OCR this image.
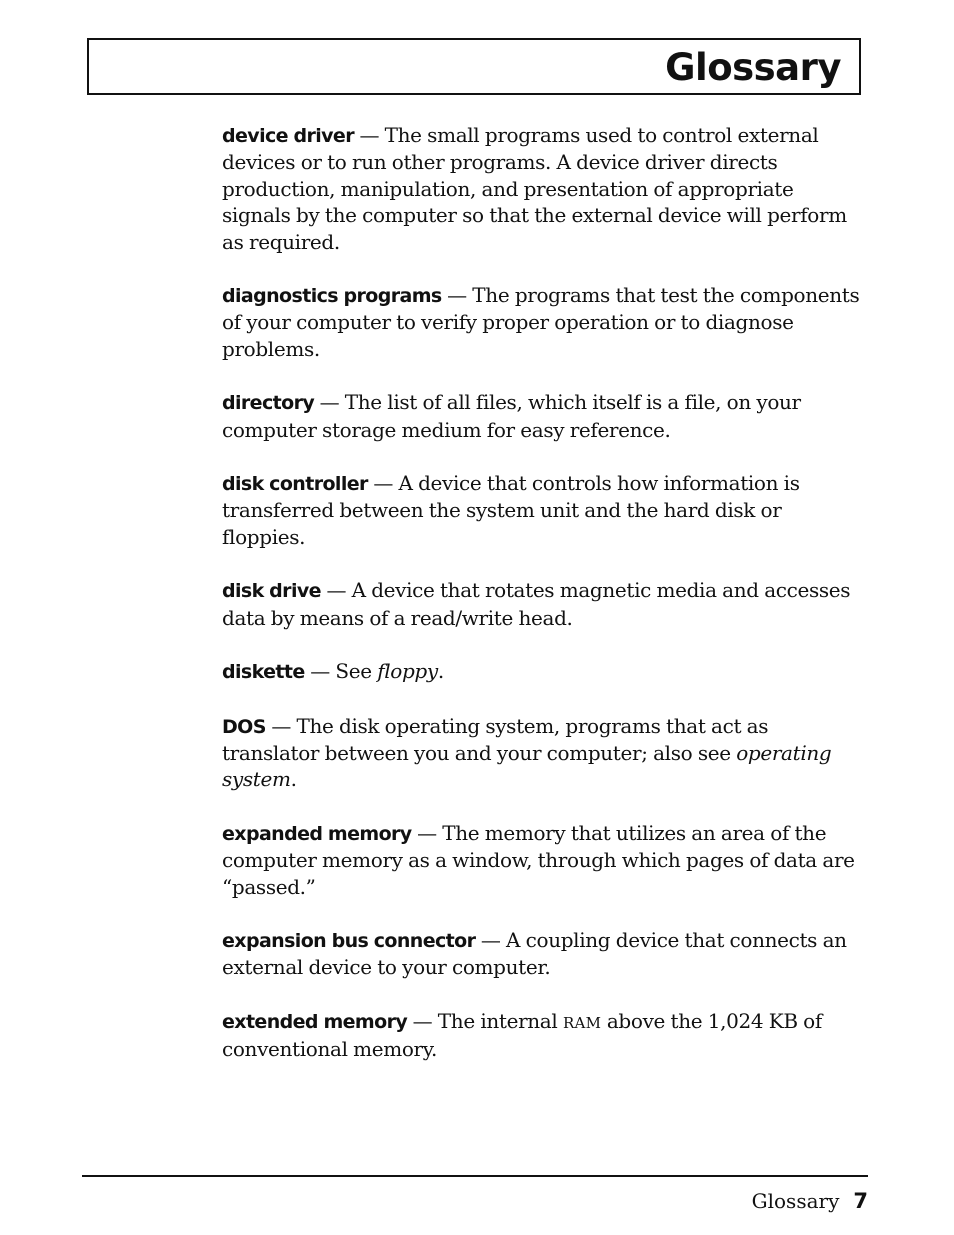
Glossary

device driver — The small programs used to control external devices or to run other programs. A device driver directs production, manipulation, and presentation of appropriate signals by the computer so that the external device will perform as required.

diagnostics programs — The programs that test the components of your computer to verify proper operation or to diagnose problems.

directory — The list of all files, which itself is a file, on your computer storage medium for easy reference.

disk controller — A device that controls how information is transferred between the system unit and the hard disk or floppies.

disk drive — A device that rotates magnetic media and accesses data by means of a read/write head.

diskette — See floppy.

DOS — The disk operating system, programs that act as translator between you and your computer; also see operating system.

expanded memory — The memory that utilizes an area of the computer memory as a window, through which pages of data are “passed.”

expansion bus connector — A coupling device that connects an external device to your computer.

extended memory — The internal RAM above the 1,024 KB of conventional memory.

Glossary 7
